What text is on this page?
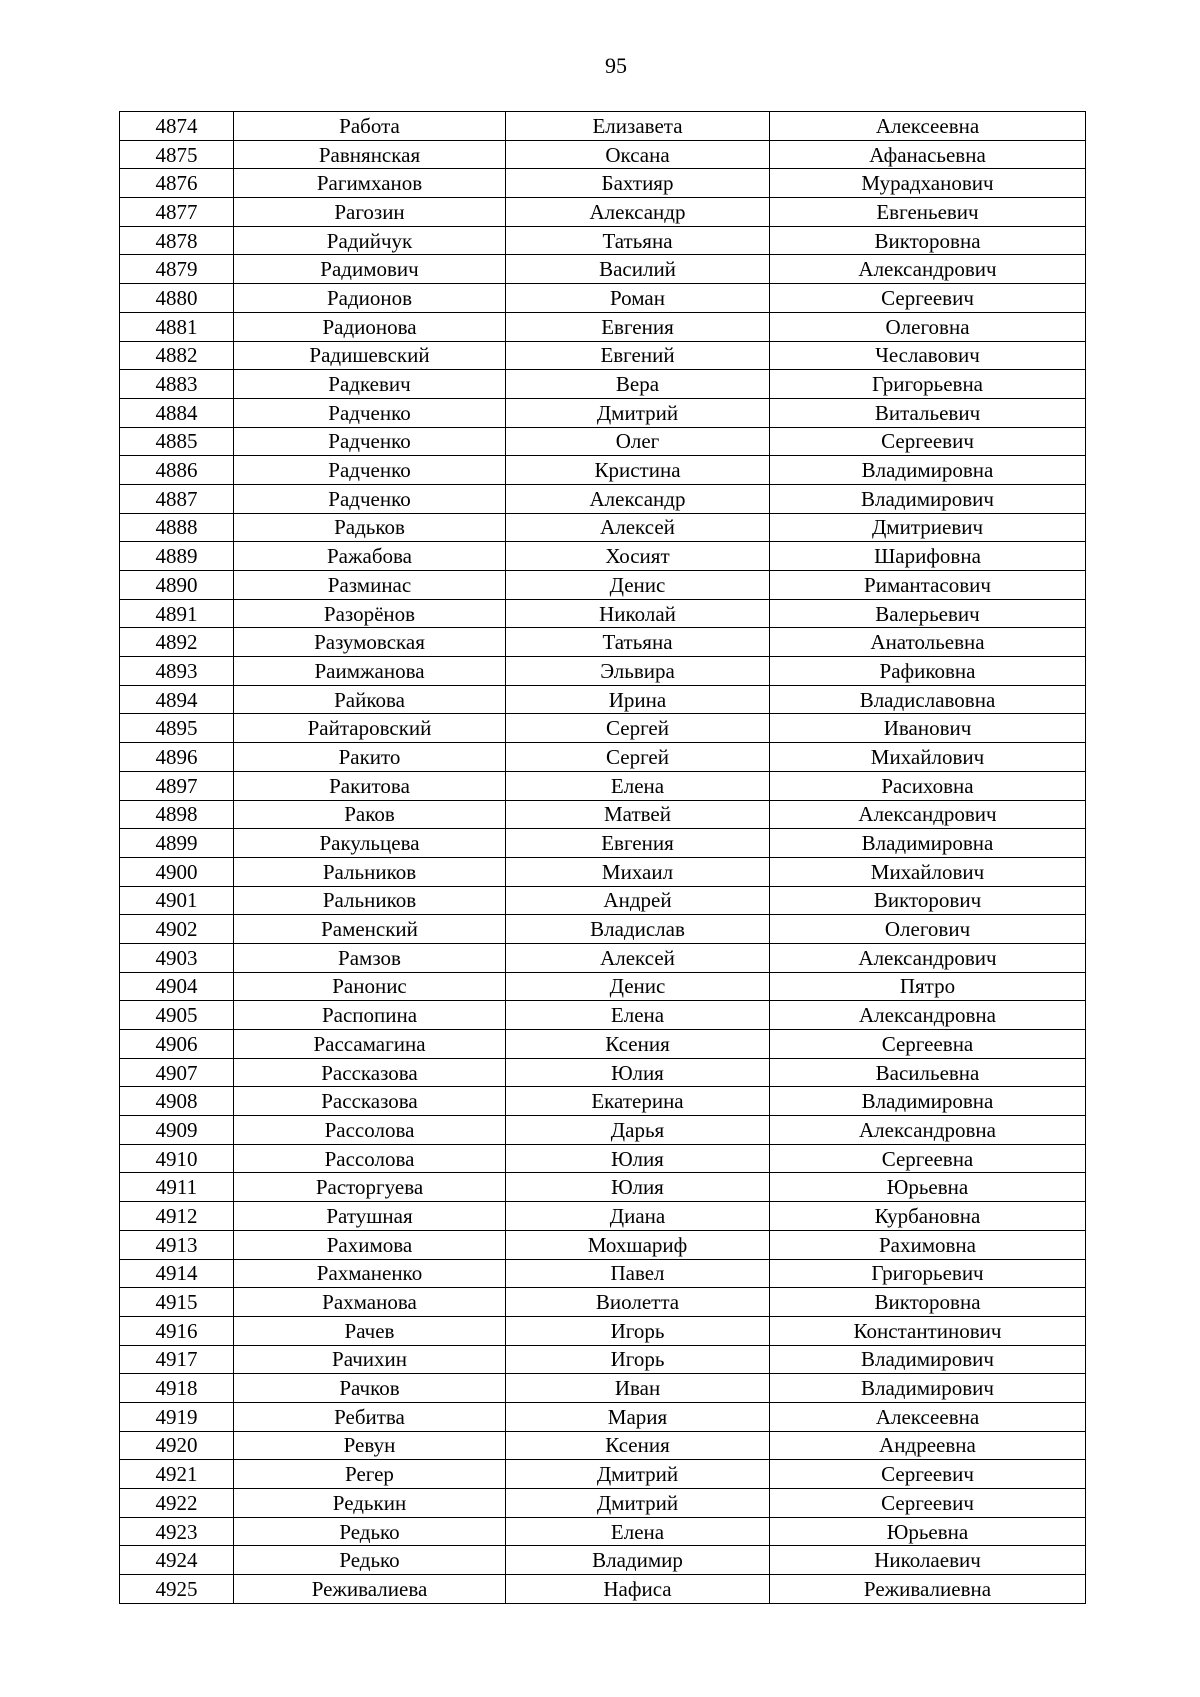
95
4874	Работа	Елизавета	Алексеевна
4875	Равнянская	Оксана	Афанасьевна
4876	Рагимханов	Бахтияр	Мурадханович
4877	Рагозин	Александр	Евгеньевич
4878	Радийчук	Татьяна	Викторовна
4879	Радимович	Василий	Александрович
4880	Радионов	Роман	Сергеевич
4881	Радионова	Евгения	Олеговна
4882	Радишевский	Евгений	Чеславович
4883	Радкевич	Вера	Григорьевна
4884	Радченко	Дмитрий	Витальевич
4885	Радченко	Олег	Сергеевич
4886	Радченко	Кристина	Владимировна
4887	Радченко	Александр	Владимирович
4888	Радьков	Алексей	Дмитриевич
4889	Ражабова	Хосият	Шарифовна
4890	Разминас	Денис	Римантасович
4891	Разорёнов	Николай	Валерьевич
4892	Разумовская	Татьяна	Анатольевна
4893	Раимжанова	Эльвира	Рафиковна
4894	Райкова	Ирина	Владиславовна
4895	Райтаровский	Сергей	Иванович
4896	Ракито	Сергей	Михайлович
4897	Ракитова	Елена	Расиховна
4898	Раков	Матвей	Александрович
4899	Ракульцева	Евгения	Владимировна
4900	Ральников	Михаил	Михайлович
4901	Ральников	Андрей	Викторович
4902	Раменский	Владислав	Олегович
4903	Рамзов	Алексей	Александрович
4904	Ранонис	Денис	Пятро
4905	Распопина	Елена	Александровна
4906	Рассамагина	Ксения	Сергеевна
4907	Рассказова	Юлия	Васильевна
4908	Рассказова	Екатерина	Владимировна
4909	Рассолова	Дарья	Александровна
4910	Рассолова	Юлия	Сергеевна
4911	Расторгуева	Юлия	Юрьевна
4912	Ратушная	Диана	Курбановна
4913	Рахимова	Мохшариф	Рахимовна
4914	Рахманенко	Павел	Григорьевич
4915	Рахманова	Виолетта	Викторовна
4916	Рачев	Игорь	Константинович
4917	Рачихин	Игорь	Владимирович
4918	Рачков	Иван	Владимирович
4919	Ребитва	Мария	Алексеевна
4920	Ревун	Ксения	Андреевна
4921	Регер	Дмитрий	Сергеевич
4922	Редькин	Дмитрий	Сергеевич
4923	Редько	Елена	Юрьевна
4924	Редько	Владимир	Николаевич
4925	Реживалиева	Нафиса	Реживалиевна
